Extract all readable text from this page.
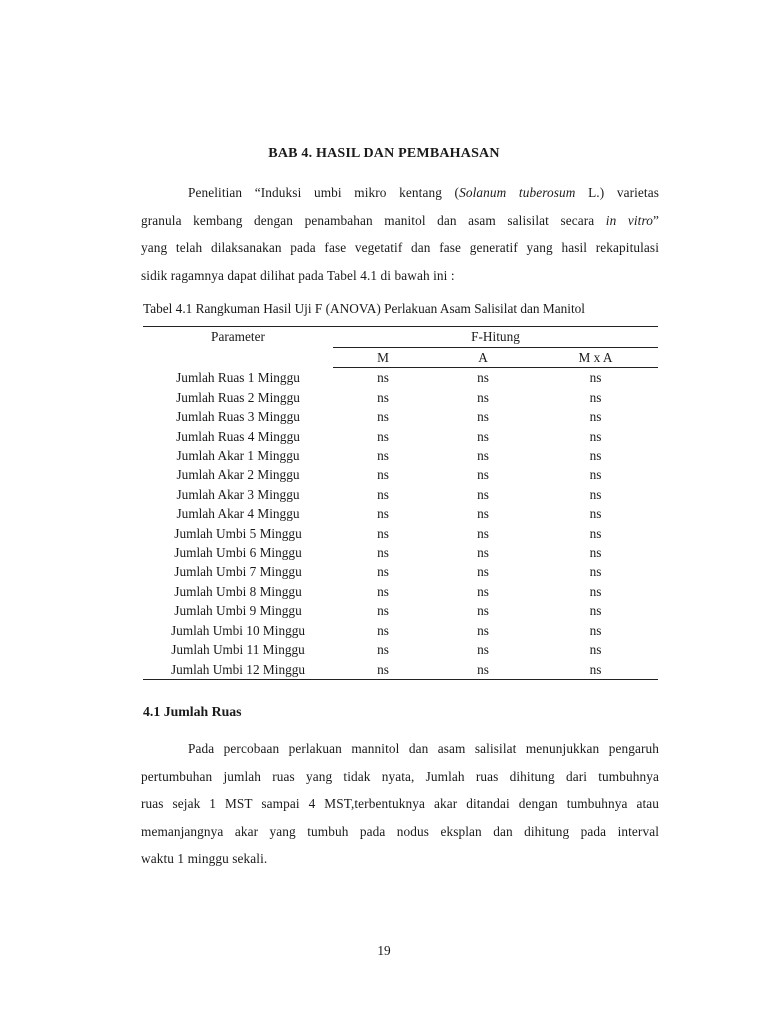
BAB 4. HASIL DAN PEMBAHASAN
Penelitian “Induksi umbi mikro kentang (Solanum tuberosum L.) varietas
granula kembang dengan penambahan manitol dan asam salisilat secara in vitro”
yang telah dilaksanakan pada fase vegetatif dan fase generatif yang hasil rekapitulasi
sidik ragamnya dapat dilihat pada Tabel 4.1 di bawah ini :
Tabel 4.1 Rangkuman Hasil Uji F (ANOVA) Perlakuan Asam Salisilat dan Manitol
Parameter	F-Hitung		
	M	A	M x A
Jumlah Ruas 1 Minggu	ns	ns	ns
Jumlah Ruas 2 Minggu	ns	ns	ns
Jumlah Ruas 3 Minggu	ns	ns	ns
Jumlah Ruas 4 Minggu	ns	ns	ns
Jumlah Akar 1 Minggu	ns	ns	ns
Jumlah Akar 2 Minggu	ns	ns	ns
Jumlah Akar 3 Minggu	ns	ns	ns
Jumlah Akar 4 Minggu	ns	ns	ns
Jumlah Umbi 5 Minggu	ns	ns	ns
Jumlah Umbi 6 Minggu	ns	ns	ns
Jumlah Umbi 7 Minggu	ns	ns	ns
Jumlah Umbi 8 Minggu	ns	ns	ns
Jumlah Umbi 9 Minggu	ns	ns	ns
Jumlah Umbi 10 Minggu	ns	ns	ns
Jumlah Umbi 11 Minggu	ns	ns	ns
Jumlah Umbi 12 Minggu	ns	ns	ns
4.1 Jumlah Ruas
Pada percobaan perlakuan mannitol dan asam salisilat menunjukkan pengaruh
pertumbuhan jumlah ruas yang tidak nyata, Jumlah ruas dihitung dari tumbuhnya
ruas sejak 1 MST sampai 4 MST,terbentuknya akar ditandai dengan tumbuhnya atau
memanjangnya akar yang tumbuh pada nodus eksplan dan dihitung pada interval
waktu 1 minggu sekali.
19
